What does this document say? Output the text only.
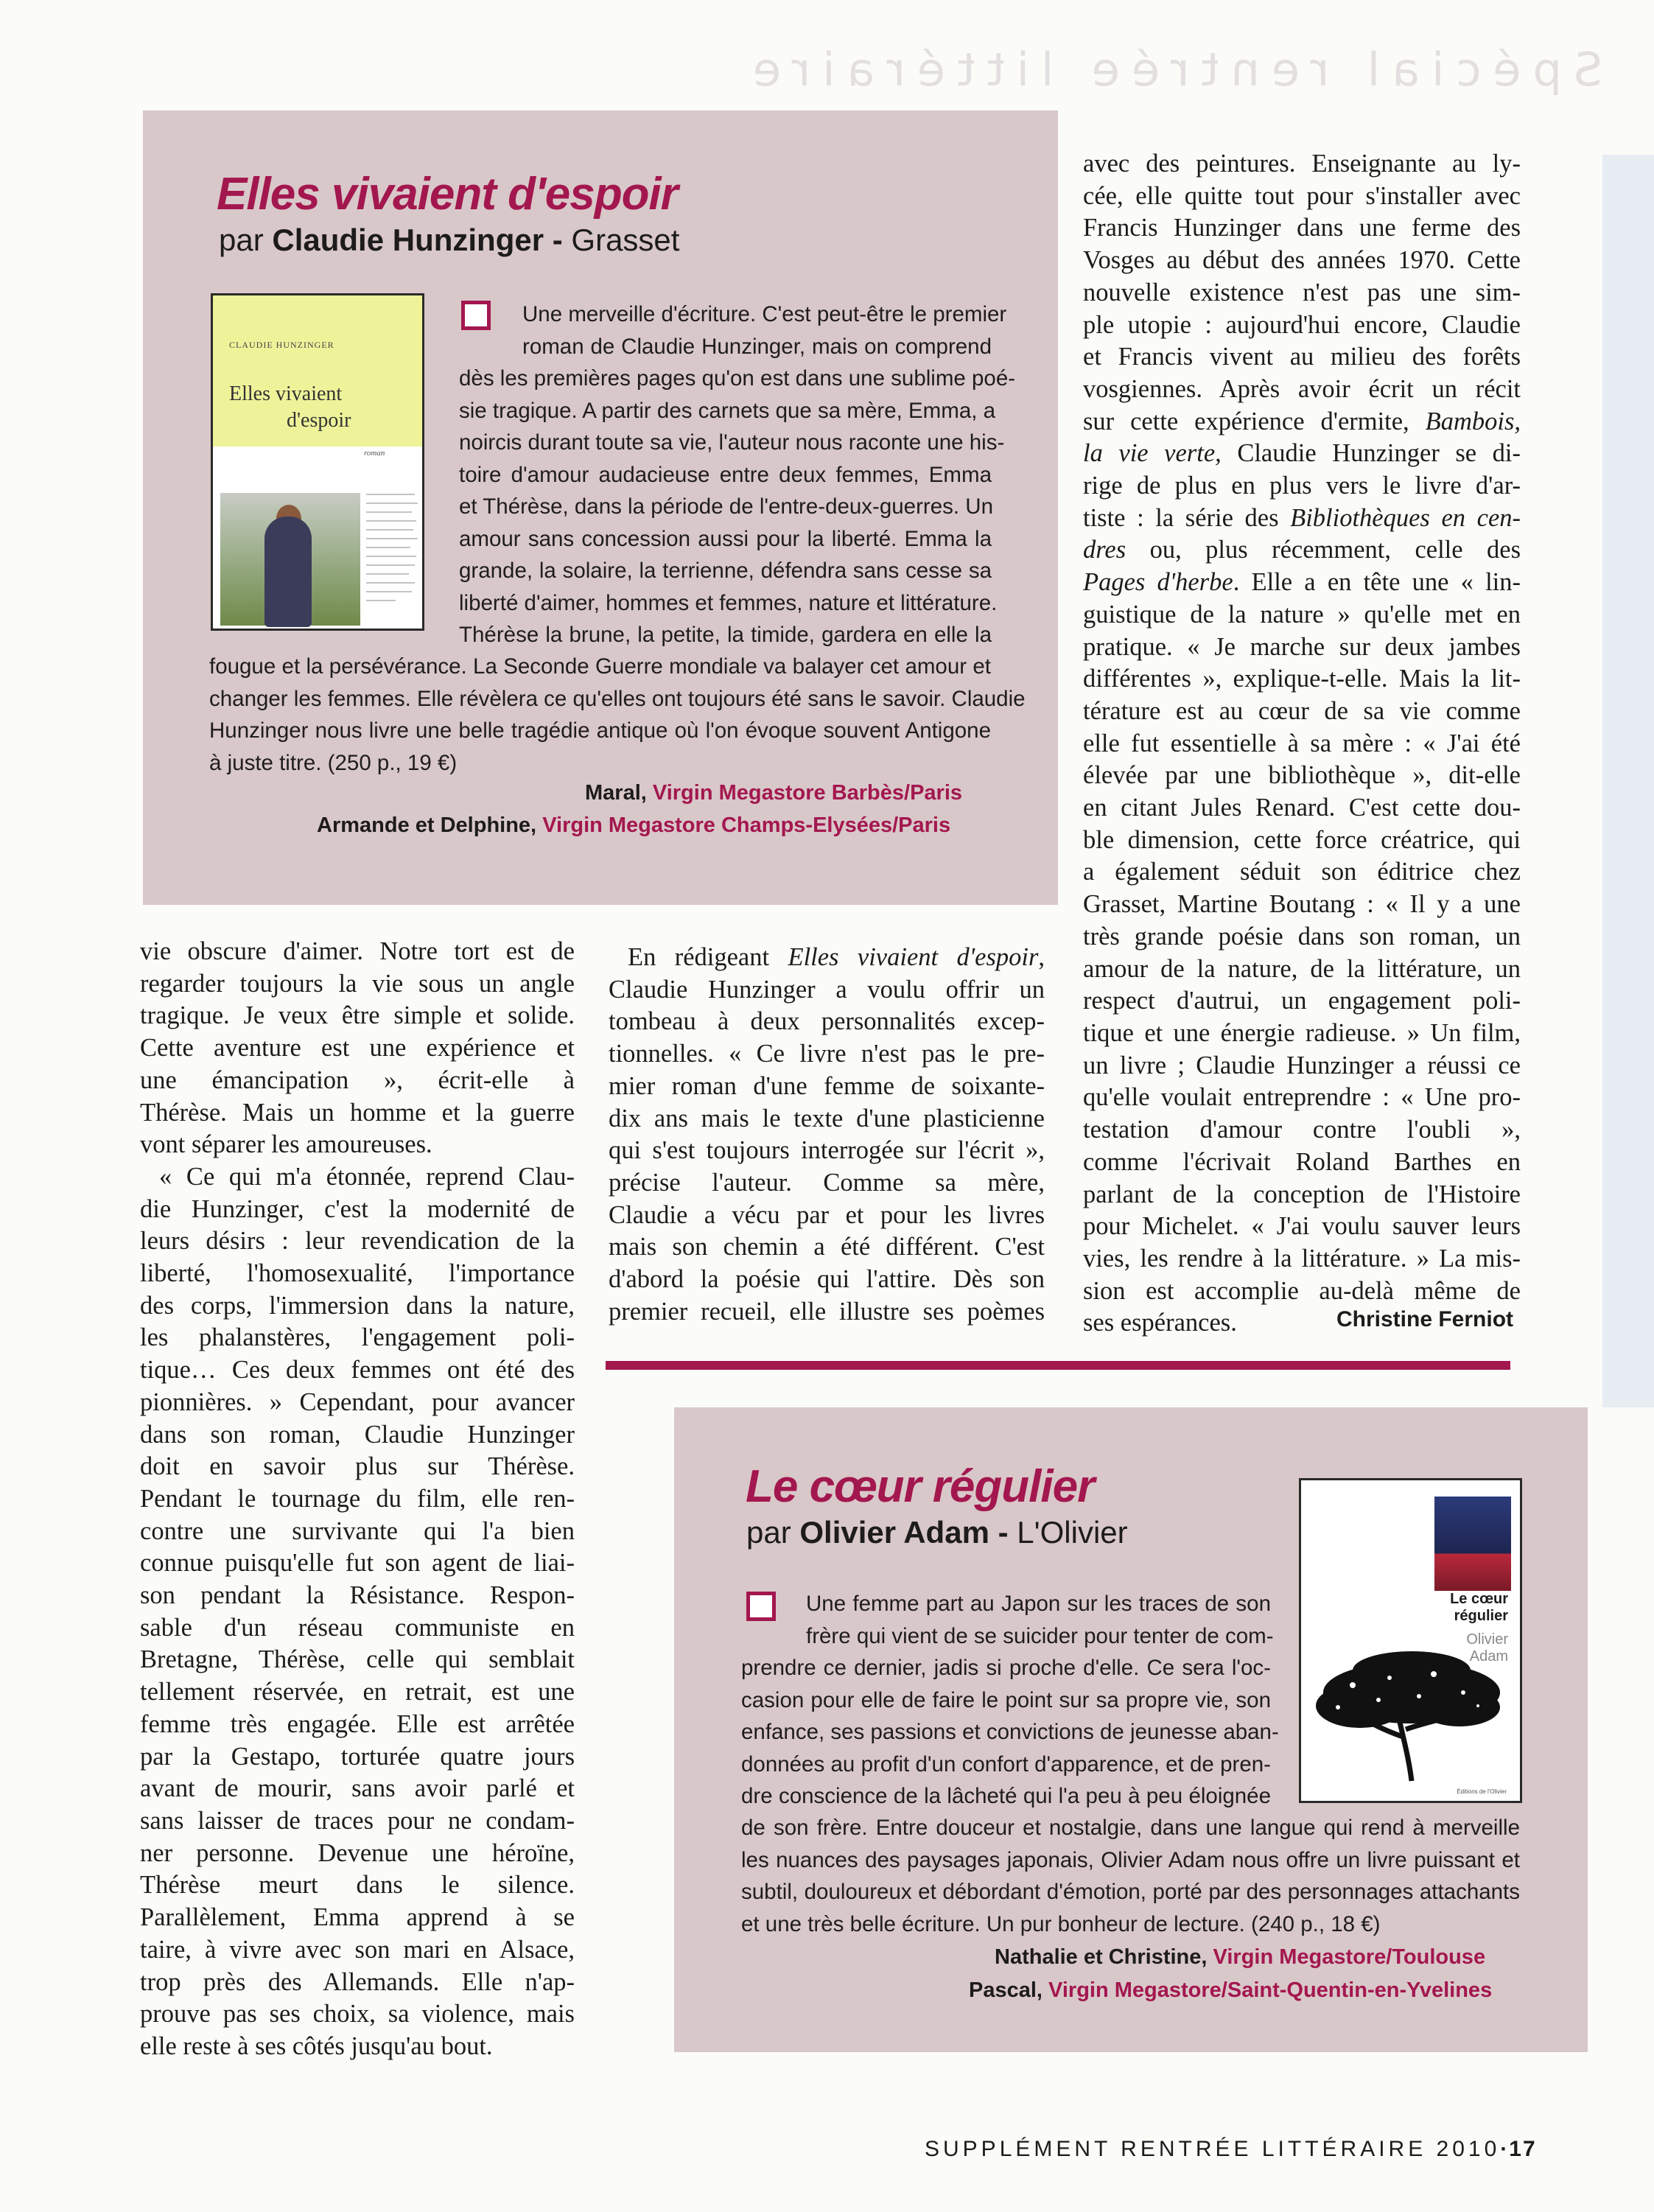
Spécial rentrée littéraire
Elles vivaient d'espoir
par Claudie Hunzinger - Grasset
CLAUDIE HUNZINGER
Elles vivaient
d'espoir
roman
Une merveille d'écriture. C'est peut-être le premier
roman de Claudie Hunzinger, mais on comprend
dès les premières pages qu'on est dans une sublime poé-
sie tragique. A partir des carnets que sa mère, Emma, a
noircis durant toute sa vie, l'auteur nous raconte une his-
toire d'amour audacieuse entre deux femmes, Emma
et Thérèse, dans la période de l'entre-deux-guerres. Un
amour sans concession aussi pour la liberté. Emma la
grande, la solaire, la terrienne, défendra sans cesse sa
liberté d'aimer, hommes et femmes, nature et littérature.
Thérèse la brune, la petite, la timide, gardera en elle la
fougue et la persévérance. La Seconde Guerre mondiale va balayer cet amour et
changer les femmes. Elle révèlera ce qu'elles ont toujours été sans le savoir. Claudie
Hunzinger nous livre une belle tragédie antique où l'on évoque souvent Antigone
à juste titre. (250 p., 19 €)
Maral, Virgin Megastore Barbès/Paris
Armande et Delphine, Virgin Megastore Champs-Elysées/Paris
avec des peintures. Enseignante au ly-
cée, elle quitte tout pour s'installer avec
Francis Hunzinger dans une ferme des
Vosges au début des années 1970. Cette
nouvelle existence n'est pas une sim-
ple utopie : aujourd'hui encore, Claudie
et Francis vivent au milieu des forêts
vosgiennes. Après avoir écrit un récit
sur cette expérience d'ermite, Bambois,
la vie verte, Claudie Hunzinger se di-
rige de plus en plus vers le livre d'ar-
tiste : la série des Bibliothèques en cen-
dres ou, plus récemment, celle des
Pages d'herbe. Elle a en tête une « lin-
guistique de la nature » qu'elle met en
pratique. « Je marche sur deux jambes
différentes », explique-t-elle. Mais la lit-
térature est au cœur de sa vie comme
elle fut essentielle à sa mère : « J'ai été
élevée par une bibliothèque », dit-elle
en citant Jules Renard. C'est cette dou-
ble dimension, cette force créatrice, qui
a également séduit son éditrice chez
Grasset, Martine Boutang : « Il y a une
très grande poésie dans son roman, un
amour de la nature, de la littérature, un
respect d'autrui, un engagement poli-
tique et une énergie radieuse. » Un film,
un livre ; Claudie Hunzinger a réussi ce
qu'elle voulait entreprendre : « Une pro-
testation d'amour contre l'oubli »,
comme l'écrivait Roland Barthes en
parlant de la conception de l'Histoire
pour Michelet. « J'ai voulu sauver leurs
vies, les rendre à la littérature. » La mis-
sion est accomplie au-delà même de
ses espérances.
En rédigeant Elles vivaient d'espoir,
Claudie Hunzinger a voulu offrir un
tombeau à deux personnalités excep-
tionnelles. « Ce livre n'est pas le pre-
mier roman d'une femme de soixante-
dix ans mais le texte d'une plasticienne
qui s'est toujours interrogée sur l'écrit »,
précise l'auteur. Comme sa mère,
Claudie a vécu par et pour les livres
mais son chemin a été différent. C'est
d'abord la poésie qui l'attire. Dès son
premier recueil, elle illustre ses poèmes
vie obscure d'aimer. Notre tort est de
regarder toujours la vie sous un angle
tragique. Je veux être simple et solide.
Cette aventure est une expérience et
une émancipation », écrit-elle à
Thérèse. Mais un homme et la guerre
vont séparer les amoureuses.
« Ce qui m'a étonnée, reprend Clau-
die Hunzinger, c'est la modernité de
leurs désirs : leur revendication de la
liberté, l'homosexualité, l'importance
des corps, l'immersion dans la nature,
les phalanstères, l'engagement poli-
tique… Ces deux femmes ont été des
pionnières. » Cependant, pour avancer
dans son roman, Claudie Hunzinger
doit en savoir plus sur Thérèse.
Pendant le tournage du film, elle ren-
contre une survivante qui l'a bien
connue puisqu'elle fut son agent de liai-
son pendant la Résistance. Respon-
sable d'un réseau communiste en
Bretagne, Thérèse, celle qui semblait
tellement réservée, en retrait, est une
femme très engagée. Elle est arrêtée
par la Gestapo, torturée quatre jours
avant de mourir, sans avoir parlé et
sans laisser de traces pour ne condam-
ner personne. Devenue une héroïne,
Thérèse meurt dans le silence.
Parallèlement, Emma apprend à se
taire, à vivre avec son mari en Alsace,
trop près des Allemands. Elle n'ap-
prouve pas ses choix, sa violence, mais
elle reste à ses côtés jusqu'au bout.
Christine Ferniot
Le cœur régulier
par Olivier Adam - L'Olivier
Le cœur
régulier
Olivier
Adam
Éditions de l'Olivier
Une femme part au Japon sur les traces de son
frère qui vient de se suicider pour tenter de com-
prendre ce dernier, jadis si proche d'elle. Ce sera l'oc-
casion pour elle de faire le point sur sa propre vie, son
enfance, ses passions et convictions de jeunesse aban-
données au profit d'un confort d'apparence, et de pren-
dre conscience de la lâcheté qui l'a peu à peu éloignée
de son frère. Entre douceur et nostalgie, dans une langue qui rend à merveille
les nuances des paysages japonais, Olivier Adam nous offre un livre puissant et
subtil, douloureux et débordant d'émotion, porté par des personnages attachants
et une très belle écriture. Un pur bonheur de lecture. (240 p., 18 €)
Nathalie et Christine, Virgin Megastore/Toulouse
Pascal, Virgin Megastore/Saint-Quentin-en-Yvelines
SUPPLÉMENT RENTRÉE LITTÉRAIRE 2010·17
